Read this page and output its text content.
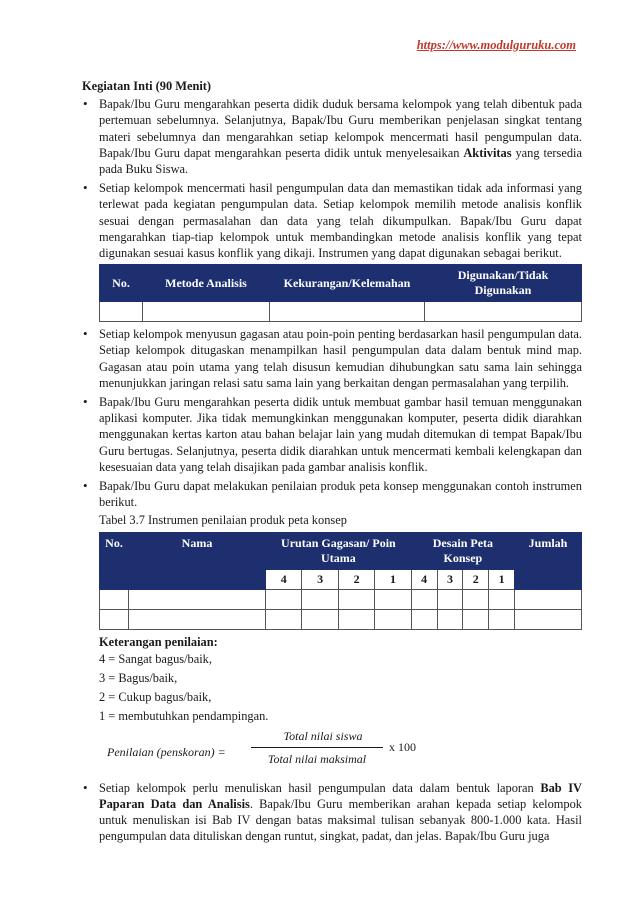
https://www.modulguruku.com
Kegiatan Inti (90 Menit)
• Bapak/Ibu Guru mengarahkan peserta didik duduk bersama kelompok yang telah dibentuk pada pertemuan sebelumnya. Selanjutnya, Bapak/Ibu Guru memberikan penjelasan singkat tentang materi sebelumnya dan mengarahkan setiap kelompok mencermati hasil pengumpulan data. Bapak/Ibu Guru dapat mengarahkan peserta didik untuk menyelesaikan Aktivitas yang tersedia pada Buku Siswa.
• Setiap kelompok mencermati hasil pengumpulan data dan memastikan tidak ada informasi yang terlewat pada kegiatan pengumpulan data. Setiap kelompok memilih metode analisis konflik sesuai dengan permasalahan dan data yang telah dikumpulkan. Bapak/Ibu Guru dapat mengarahkan tiap-tiap kelompok untuk membandingkan metode analisis konflik yang tepat digunakan sesuai kasus konflik yang dikaji. Instrumen yang dapat digunakan sebagai berikut.
No.	Metode Analisis	Kekurangan/Kelemahan	Digunakan/Tidak Digunakan

• Setiap kelompok menyusun gagasan atau poin-poin penting berdasarkan hasil pengumpulan data. Setiap kelompok ditugaskan menampilkan hasil pengumpulan data dalam bentuk mind map. Gagasan atau poin utama yang telah disusun kemudian dihubungkan satu sama lain sehingga menunjukkan jaringan relasi satu sama lain yang berkaitan dengan permasalahan yang terpilih.
• Bapak/Ibu Guru mengarahkan peserta didik untuk membuat gambar hasil temuan menggunakan aplikasi komputer. Jika tidak memungkinkan menggunakan komputer, peserta didik diarahkan menggunakan kertas karton atau bahan belajar lain yang mudah ditemukan di tempat Bapak/Ibu Guru bertugas. Selanjutnya, peserta didik diarahkan untuk mencermati kembali kelengkapan dan kesesuaian data yang telah disajikan pada gambar analisis konflik.
• Bapak/Ibu Guru dapat melakukan penilaian produk peta konsep menggunakan contoh instrumen berikut.
Tabel 3.7 Instrumen penilaian produk peta konsep
No.	Nama	Urutan Gagasan/ Poin Utama				Desain Peta Konsep				Jumlah
		4	3	2	1	4	3	2	1	

Keterangan penilaian:
4 = Sangat bagus/baik,
3 = Bagus/baik,
2 = Cukup bagus/baik,
1 = membutuhkan pendampingan.
Penilaian (penskoran) =
Total nilai siswa
Total nilai maksimal
x 100
• Setiap kelompok perlu menuliskan hasil pengumpulan data dalam bentuk laporan Bab IV Paparan Data dan Analisis. Bapak/Ibu Guru memberikan arahan kepada setiap kelompok untuk menuliskan isi Bab IV dengan batas maksimal tulisan sebanyak 800-1.000 kata. Hasil pengumpulan data dituliskan dengan runtut, singkat, padat, dan jelas. Bapak/Ibu Guru juga
